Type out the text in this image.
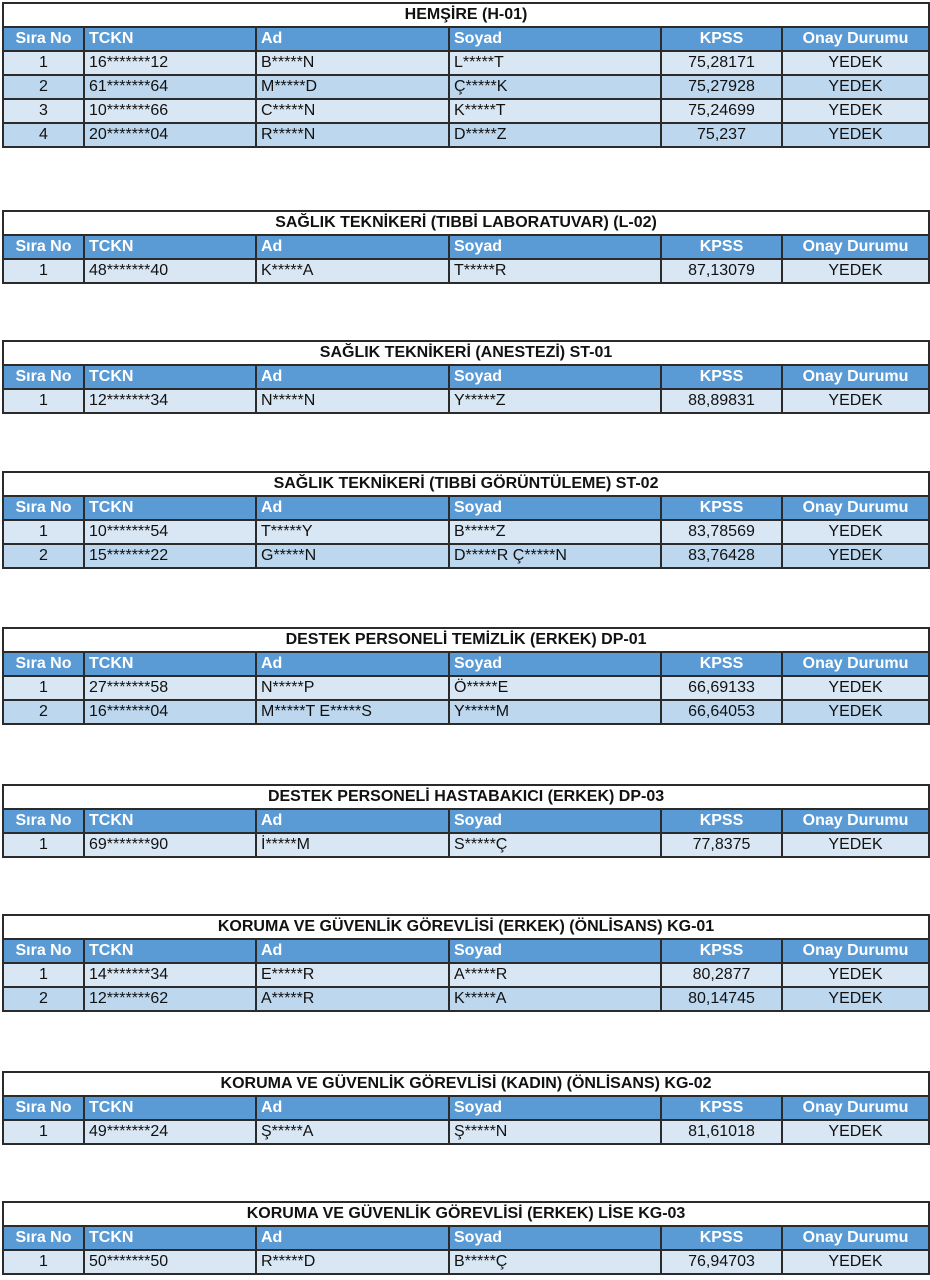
HEMŞİRE (H-01)					
Sıra No	TCKN	Ad	Soyad	KPSS	Onay Durumu
1	16*******12	B*****N	L*****T	75,28171	YEDEK
2	61*******64	M*****D	Ç*****K	75,27928	YEDEK
3	10*******66	C*****N	K*****T	75,24699	YEDEK
4	20*******04	R*****N	D*****Z	75,237	YEDEK
SAĞLIK TEKNİKERİ (TIBBİ LABORATUVAR) (L-02)					
Sıra No	TCKN	Ad	Soyad	KPSS	Onay Durumu
1	48*******40	K*****A	T*****R	87,13079	YEDEK
SAĞLIK TEKNİKERİ (ANESTEZİ) ST-01					
Sıra No	TCKN	Ad	Soyad	KPSS	Onay Durumu
1	12*******34	N*****N	Y*****Z	88,89831	YEDEK
SAĞLIK TEKNİKERİ (TIBBİ GÖRÜNTÜLEME) ST-02					
Sıra No	TCKN	Ad	Soyad	KPSS	Onay Durumu
1	10*******54	T*****Y	B*****Z	83,78569	YEDEK
2	15*******22	G*****N	D*****R Ç*****N	83,76428	YEDEK
DESTEK PERSONELİ TEMİZLİK (ERKEK) DP-01					
Sıra No	TCKN	Ad	Soyad	KPSS	Onay Durumu
1	27*******58	N*****P	Ö*****E	66,69133	YEDEK
2	16*******04	M*****T E*****S	Y*****M	66,64053	YEDEK
DESTEK PERSONELİ HASTABAKICI (ERKEK) DP-03					
Sıra No	TCKN	Ad	Soyad	KPSS	Onay Durumu
1	69*******90	İ*****M	S*****Ç	77,8375	YEDEK
KORUMA VE GÜVENLİK GÖREVLİSİ (ERKEK) (ÖNLİSANS) KG-01					
Sıra No	TCKN	Ad	Soyad	KPSS	Onay Durumu
1	14*******34	E*****R	A*****R	80,2877	YEDEK
2	12*******62	A*****R	K*****A	80,14745	YEDEK
KORUMA VE GÜVENLİK GÖREVLİSİ (KADIN) (ÖNLİSANS) KG-02					
Sıra No	TCKN	Ad	Soyad	KPSS	Onay Durumu
1	49*******24	Ş*****A	Ş*****N	81,61018	YEDEK
KORUMA VE GÜVENLİK GÖREVLİSİ (ERKEK) LİSE KG-03					
Sıra No	TCKN	Ad	Soyad	KPSS	Onay Durumu
1	50*******50	R*****D	B*****Ç	76,94703	YEDEK
